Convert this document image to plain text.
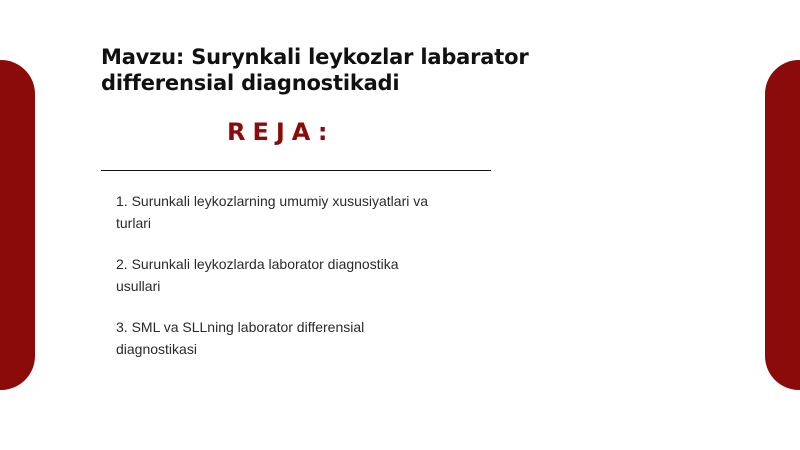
Mavzu: Surynkali leykozlar labarator differensial diagnostikadi
REJA:
1. Surunkali leykozlarning umumiy xususiyatlari va turlari
2. Surunkali leykozlarda laborator diagnostika usullari
3. SML va SLLning laborator differensial diagnostikasi
